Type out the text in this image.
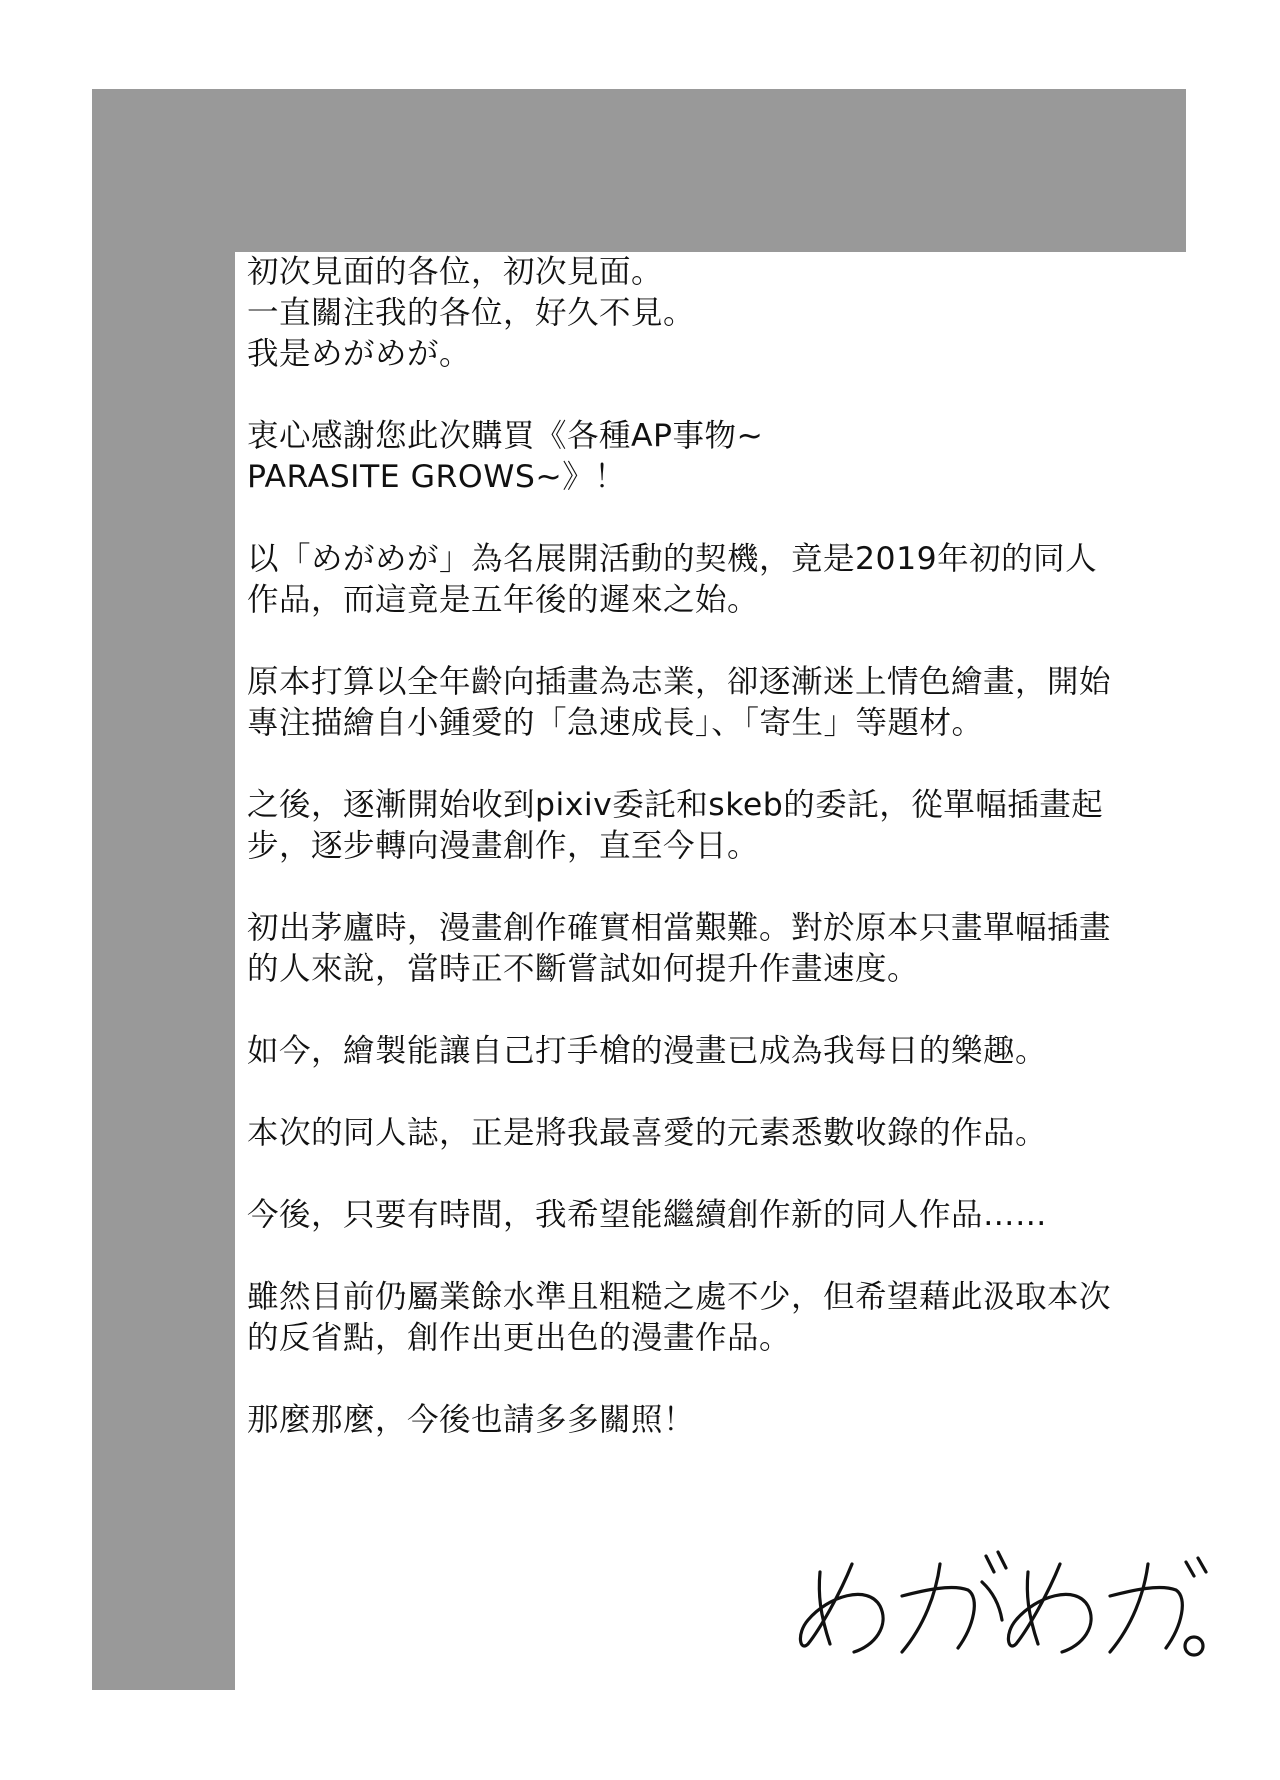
初次見面的各位，初次見面。
一直關注我的各位，好久不見。
我是めがめが。
衷心感謝您此次購買《各種AP事物~
PARASITE GROWS~》！
以「めがめが」為名展開活動的契機，竟是2019年初的同人
作品，而這竟是五年後的遲來之始。
原本打算以全年齡向插畫為志業，卻逐漸迷上情色繪畫，開始
專注描繪自小鍾愛的「急速成長」、「寄生」等題材。
之後，逐漸開始收到pixiv委託和skeb的委託，從單幅插畫起
步，逐步轉向漫畫創作，直至今日。
初出茅廬時，漫畫創作確實相當艱難。對於原本只畫單幅插畫
的人來說，當時正不斷嘗試如何提升作畫速度。
如今，繪製能讓自己打手槍的漫畫已成為我每日的樂趣。
本次的同人誌，正是將我最喜愛的元素悉數收錄的作品。
今後，只要有時間，我希望能繼續創作新的同人作品……
雖然目前仍屬業餘水準且粗糙之處不少，但希望藉此汲取本次
的反省點，創作出更出色的漫畫作品。
那麼那麼，今後也請多多關照！
